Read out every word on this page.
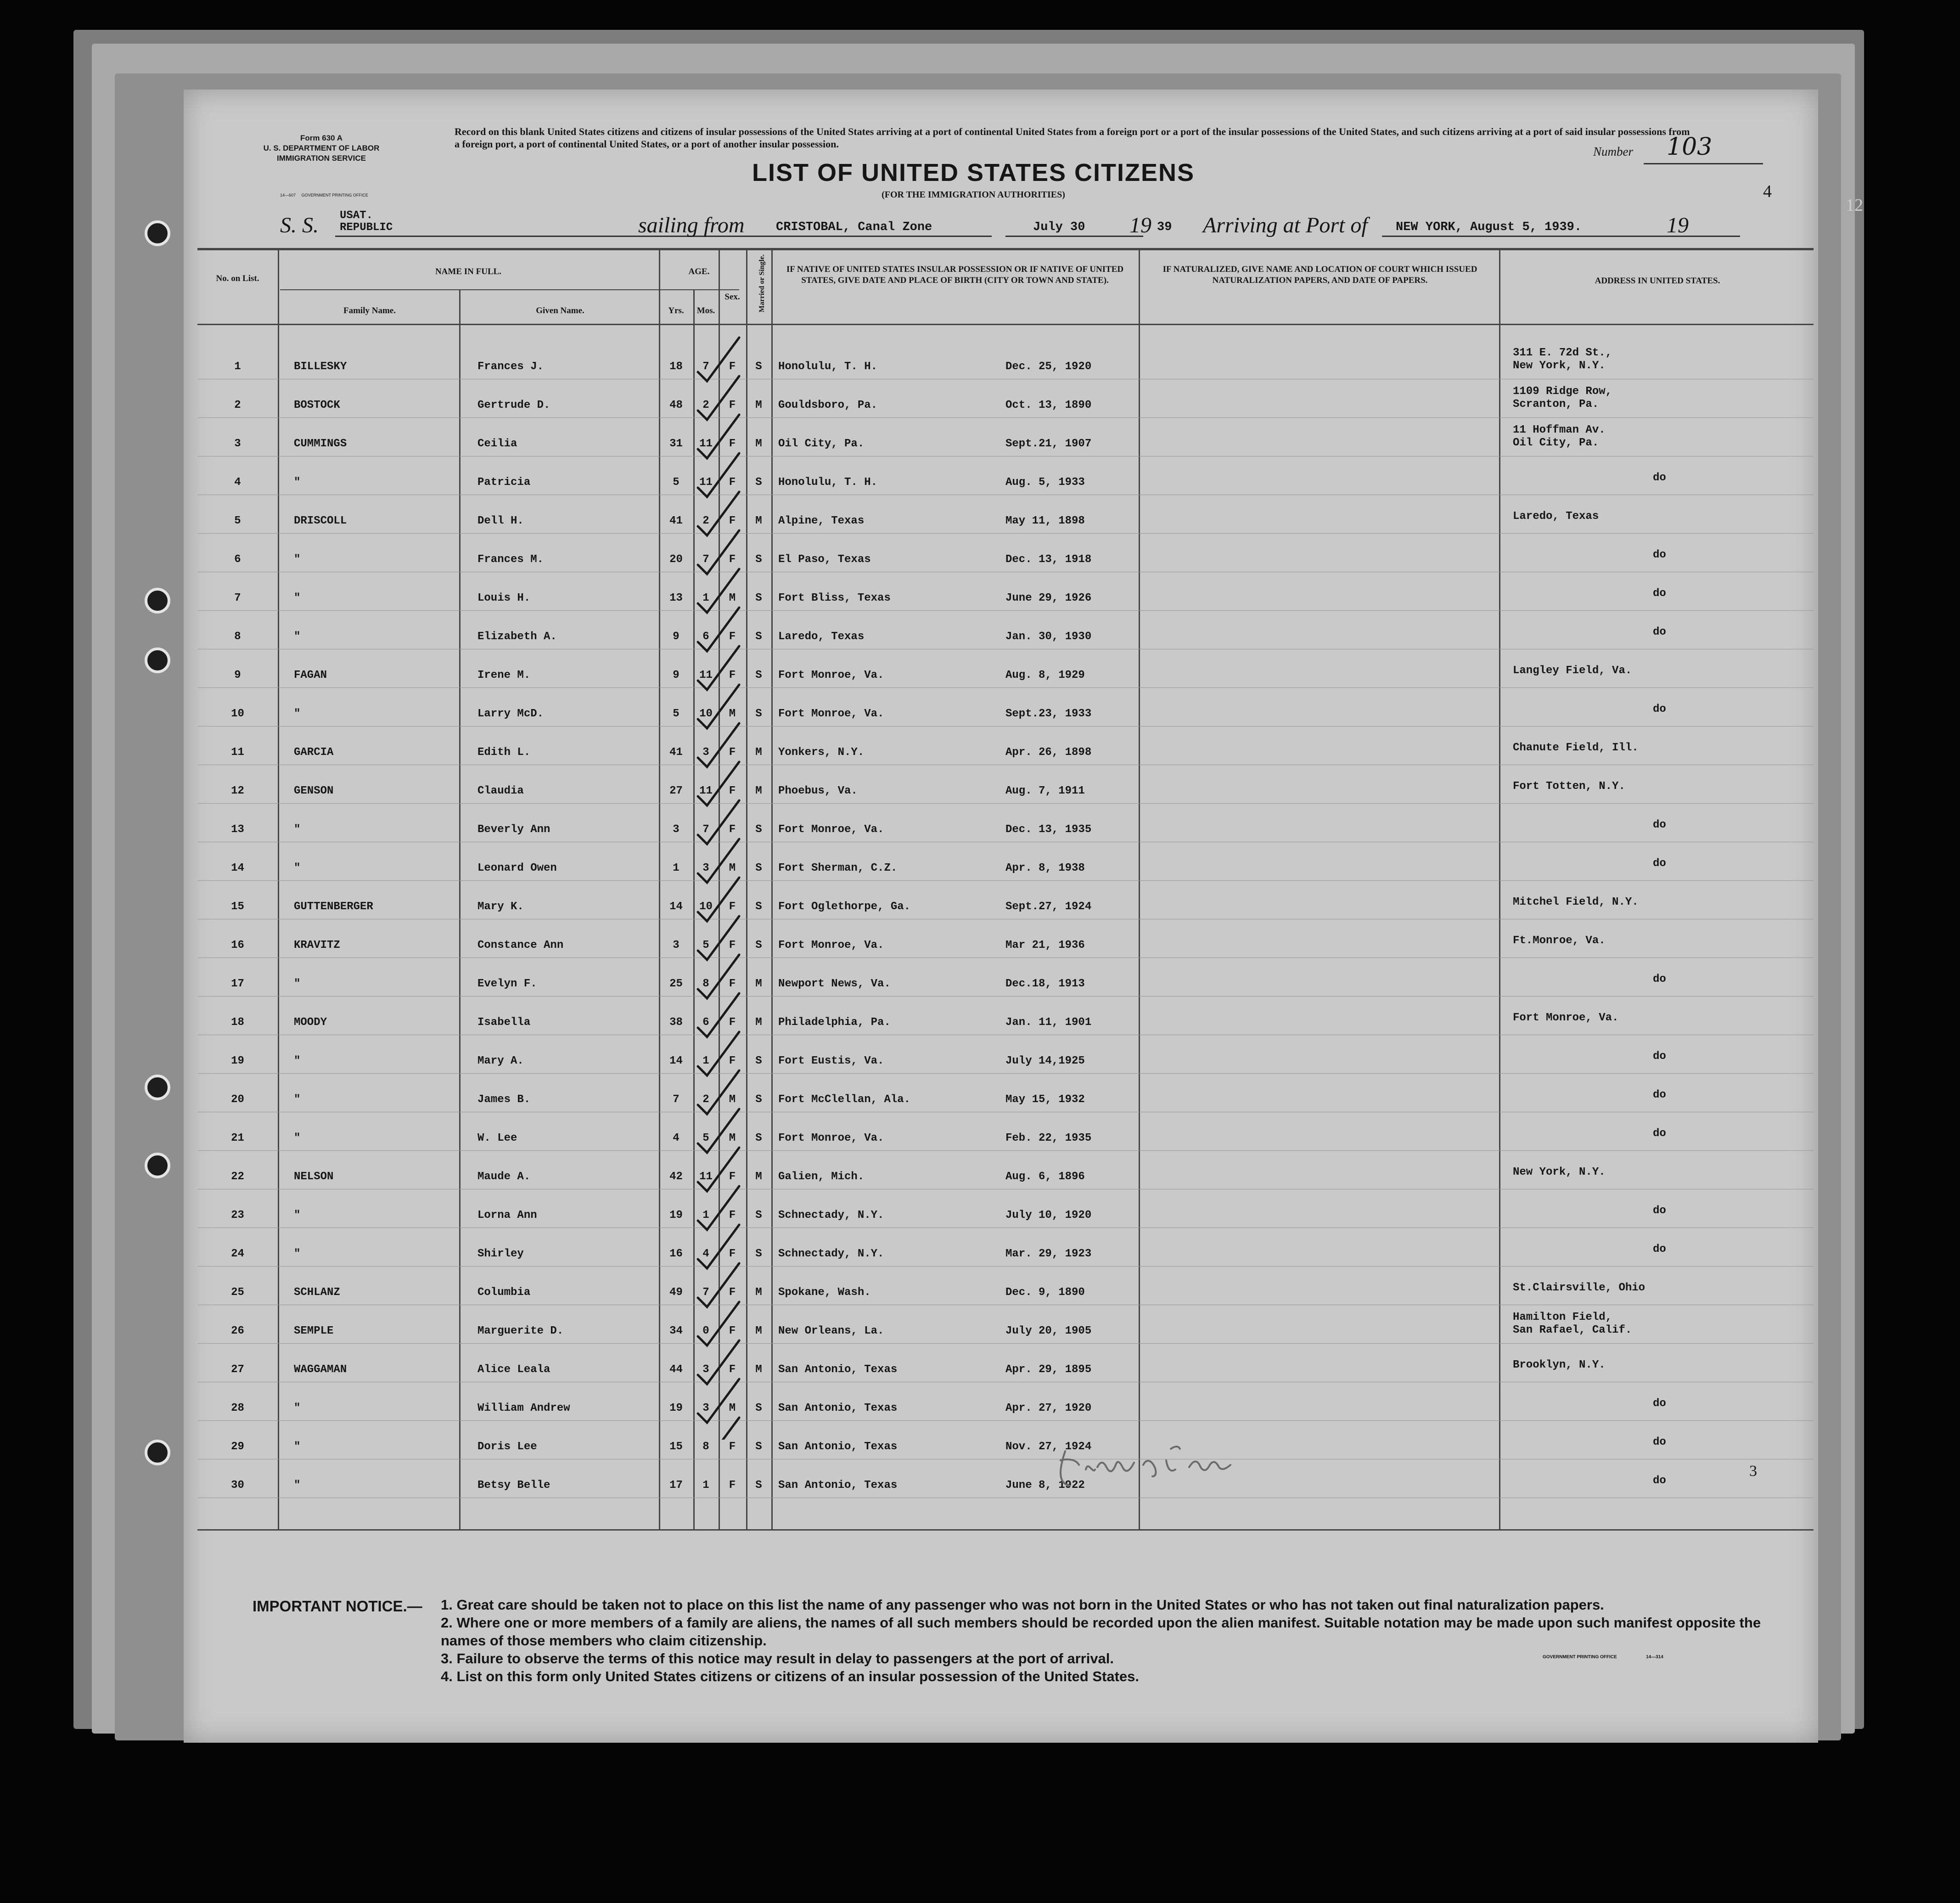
Form 630 A
U. S. DEPARTMENT OF LABOR
IMMIGRATION SERVICE
14—607 GOVERNMENT PRINTING OFFICE
Record on this blank United States citizens and citizens of insular possessions of the United States arriving at a port of continental United States from a foreign port or a port of the insular possessions of the United States, and such citizens arriving at a port of said insular possessions from a foreign port, a port of continental United States, or a port of another insular possession.
Number 103
LIST OF UNITED STATES CITIZENS
(FOR THE IMMIGRATION AUTHORITIES)	4
12
S. S. USAT.
REPUBLIC	sailing from	CRISTOBAL, Canal Zone	July 30 19 39 Arriving at Port of NEW YORK, August 5, 1939.	19
No. on List.
NAME IN FULL.
Family Name.	Given Name.
AGE.
Yrs.	Mos.
Sex.	Married or Single.	IF NATIVE OF UNITED STATES INSULAR POSSESSION OR IF NATIVE OF UNITED STATES, GIVE DATE AND PLACE OF BIRTH (CITY OR TOWN AND STATE).
IF NATURALIZED, GIVE NAME AND LOCATION OF COURT WHICH ISSUED NATURALIZATION PAPERS, AND DATE OF PAPERS.	ADDRESS IN UNITED STATES.
1	BILLESKY	Frances J.	18	7	F	S	Honolulu, T. H.	Dec. 25, 1920
311 E. 72d St.,
New York, N.Y.
2	BOSTOCK	Gertrude D.	48	2	F	M	Gouldsboro, Pa.	Oct. 13, 1890
1109 Ridge Row,
Scranton, Pa.
3	CUMMINGS	Ceilia	31	11	F	M	Oil City, Pa.	Sept.21, 1907
11 Hoffman Av.
Oil City, Pa.
4	"	Patricia	5	11	F	S	Honolulu, T. H.	Aug. 5, 1933	do
5	DRISCOLL	Dell H.	41	2	F	M	Alpine, Texas	May 11, 1898	Laredo, Texas
6	"	Frances M.	20	7	F	S	El Paso, Texas	Dec. 13, 1918	do
7	"	Louis H.	13	1	M	S	Fort Bliss, Texas	June 29, 1926	do
8	"	Elizabeth A.	9	6	F	S	Laredo, Texas	Jan. 30, 1930	do
9	FAGAN	Irene M.	9	11	F	S	Fort Monroe, Va.	Aug. 8, 1929	Langley Field, Va.
10	"	Larry McD.	5	10	M	S	Fort Monroe, Va.	Sept.23, 1933	do
11	GARCIA	Edith L.	41	3	F	M	Yonkers, N.Y.	Apr. 26, 1898	Chanute Field, Ill.
12	GENSON	Claudia	27	11	F	M	Phoebus, Va.	Aug. 7, 1911	Fort Totten, N.Y.
13	"	Beverly Ann	3	7	F	S	Fort Monroe, Va.	Dec. 13, 1935	do
14	"	Leonard Owen	1	3	M	S	Fort Sherman, C.Z.	Apr. 8, 1938	do
15	GUTTENBERGER	Mary K.	14	10	F	S	Fort Oglethorpe, Ga.	Sept.27, 1924	Mitchel Field, N.Y.
16	KRAVITZ	Constance Ann	3	5	F	S	Fort Monroe, Va.	Mar 21, 1936	Ft.Monroe, Va.
17	"	Evelyn F.	25	8	F	M	Newport News, Va.	Dec.18, 1913	do
18	MOODY	Isabella	38	6	F	M	Philadelphia, Pa.	Jan. 11, 1901	Fort Monroe, Va.
19	"	Mary A.	14	1	F	S	Fort Eustis, Va.	July 14,1925	do
20	"	James B.	7	2	M	S	Fort McClellan, Ala.	May 15, 1932	do
21	"	W. Lee	4	5	M	S	Fort Monroe, Va.	Feb. 22, 1935	do
22	NELSON	Maude A.	42	11	F	M	Galien, Mich.	Aug. 6, 1896	New York, N.Y.
23	"	Lorna Ann	19	1	F	S	Schnectady, N.Y.	July 10, 1920	do
24	"	Shirley	16	4	F	S	Schnectady, N.Y.	Mar. 29, 1923	do
25	SCHLANZ	Columbia	49	7	F	M	Spokane, Wash.	Dec. 9, 1890	St.Clairsville, Ohio
26	SEMPLE	Marguerite D.	34	0	F	M	New Orleans, La.	July 20, 1905
Hamilton Field,
San Rafael, Calif.
27	WAGGAMAN	Alice Leala	44	3	F	M	San Antonio, Texas	Apr. 29, 1895	Brooklyn, N.Y.
28	"	William Andrew	19	3	M	S	San Antonio, Texas	Apr. 27, 1920	do
29	"	Doris Lee	15	8	F	S	San Antonio, Texas	Nov. 27, 1924	do
30	"	Betsy Belle	17	1	F	S	San Antonio, Texas	June 8, 1922	do
3
IMPORTANT NOTICE.— 1. Great care should be taken not to place on this list the name of any passenger who was not born in the United States or who has not taken out final naturalization papers.
2. Where one or more members of a family are aliens, the names of all such members should be recorded upon the alien manifest. Suitable notation may be made upon such manifest opposite the names of those members who claim citizenship.
3. Failure to observe the terms of this notice may result in delay to passengers at the port of arrival.
4. List on this form only United States citizens or citizens of an insular possession of the United States.
GOVERNMENT PRINTING OFFICE	14—314
